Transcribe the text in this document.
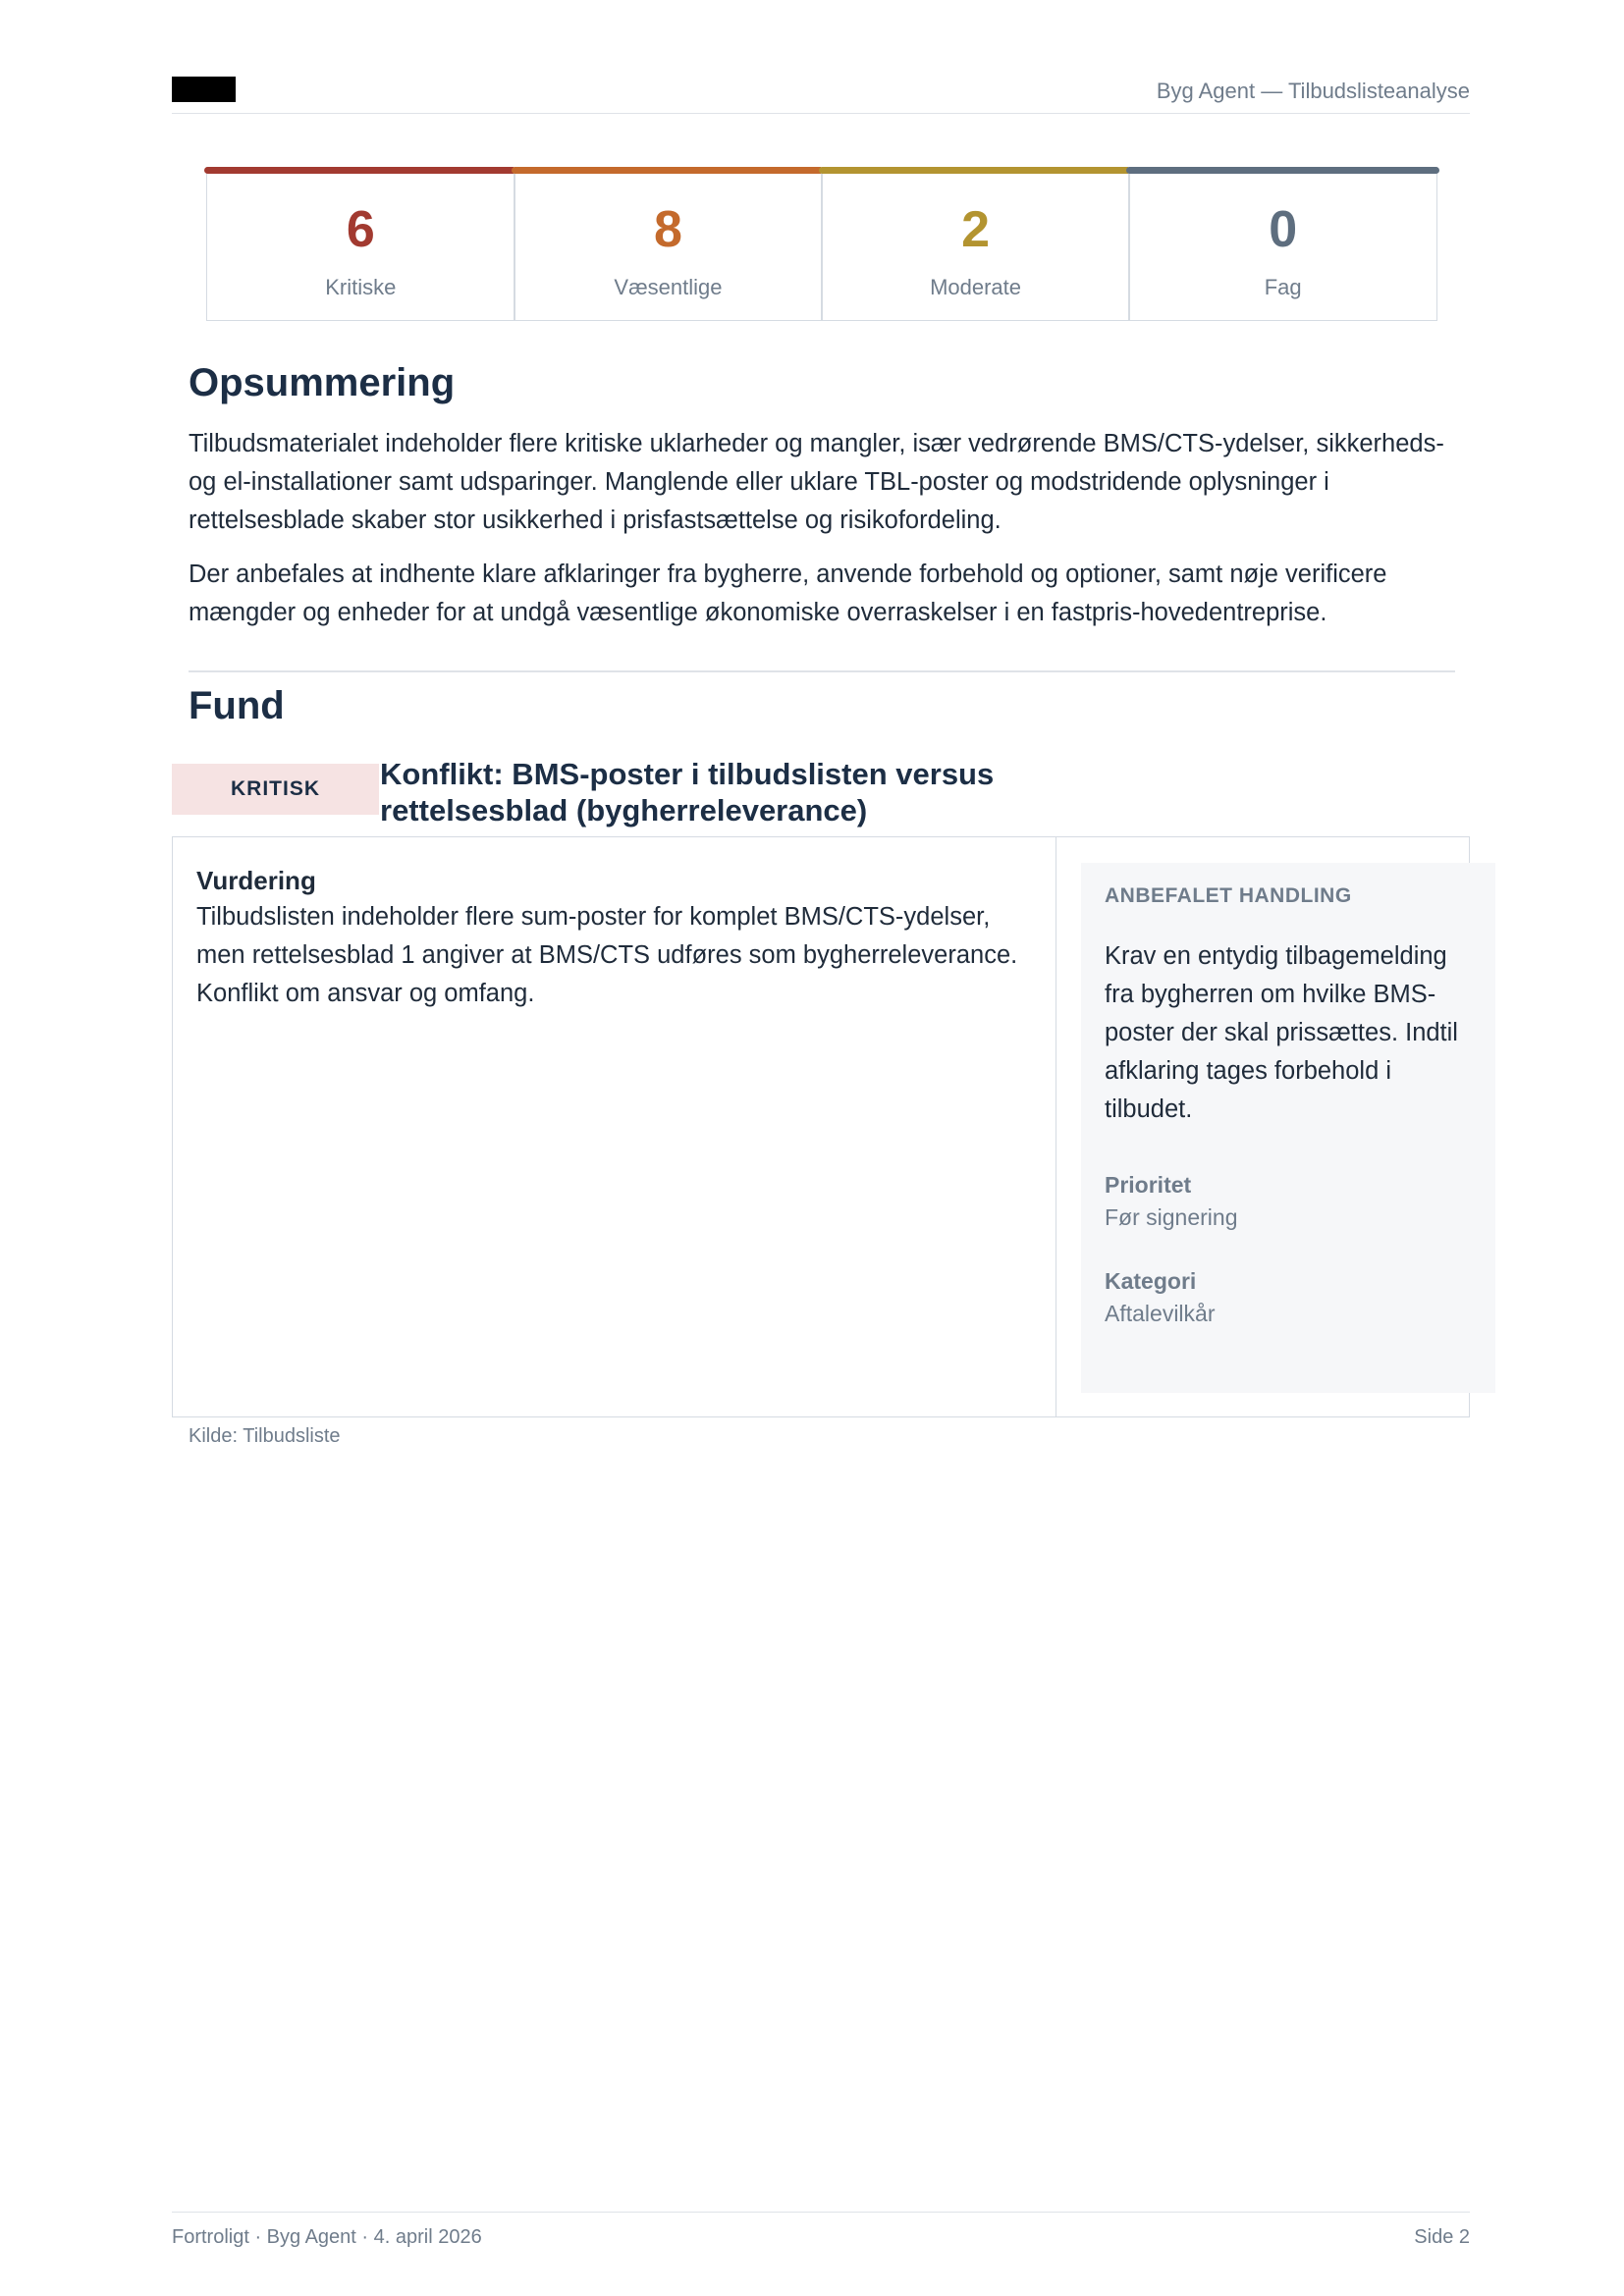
Byg Agent — Tilbudslisteanalyse
6
Kritiske
8
Væsentlige
2
Moderate
0
Fag
Opsummering

Tilbudsmaterialet indeholder flere kritiske uklarheder og mangler, især vedrørende BMS/CTS-ydelser, sikkerheds- og el-installationer samt udsparinger. Manglende eller uklare TBL-poster og modstridende oplysninger i rettelsesblade skaber stor usikkerhed i prisfastsættelse og risikofordeling.

Der anbefales at indhente klare afklaringer fra bygherre, anvende forbehold og optioner, samt nøje verificere mængder og enheder for at undgå væsentlige økonomiske overraskelser i en fastpris-hovedentreprise.

Fund
KRITISK	Konflikt: BMS-poster i tilbudslisten versus rettelsesblad (bygherreleverance)
Vurdering
Tilbudslisten indeholder flere sum-poster for komplet BMS/CTS-ydelser, men rettelsesblad 1 angiver at BMS/CTS udføres som bygherreleverance. Konflikt om ansvar og omfang.
ANBEFALET HANDLING
Krav en entydig tilbagemelding fra bygherren om hvilke BMS-poster der skal prissættes. Indtil afklaring tages forbehold i tilbudet.
Prioritet
Før signering
Kategori
Aftalevilkår
Kilde: Tilbudsliste
Fortroligt · Byg Agent · 4. april 2026	Side 2
